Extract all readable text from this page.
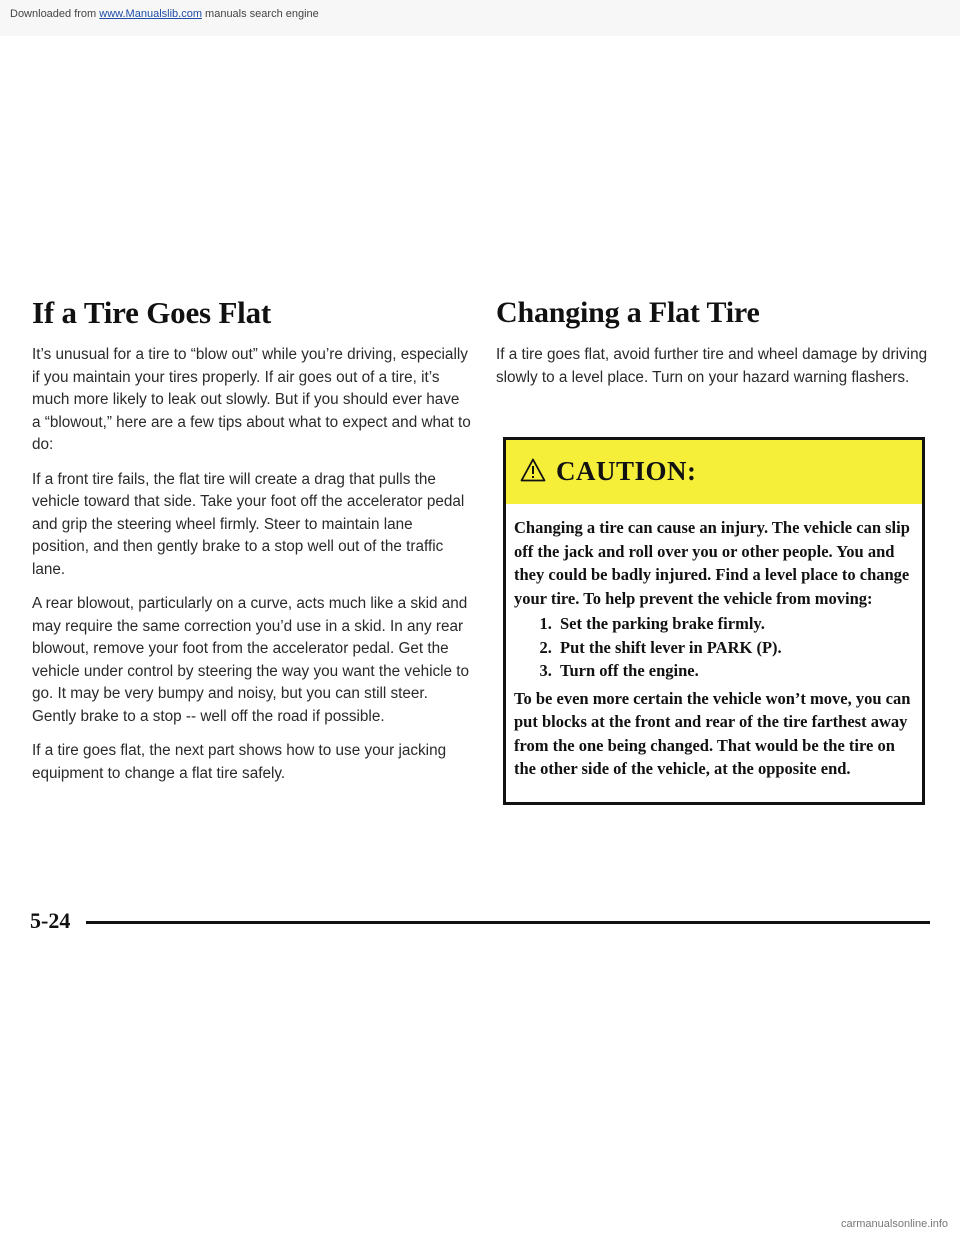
Downloaded from www.Manualslib.com manuals search engine
If a Tire Goes Flat

It’s unusual for a tire to “blow out” while you’re driving, especially if you maintain your tires properly. If air goes out of a tire, it’s much more likely to leak out slowly. But if you should ever have a “blowout,” here are a few tips about what to expect and what to do:

If a front tire fails, the flat tire will create a drag that pulls the vehicle toward that side. Take your foot off the accelerator pedal and grip the steering wheel firmly. Steer to maintain lane position, and then gently brake to a stop well out of the traffic lane.

A rear blowout, particularly on a curve, acts much like a skid and may require the same correction you’d use in a skid. In any rear blowout, remove your foot from the accelerator pedal. Get the vehicle under control by steering the way you want the vehicle to go. It may be very bumpy and noisy, but you can still steer. Gently brake to a stop -- well off the road if possible.

If a tire goes flat, the next part shows how to use your jacking equipment to change a flat tire safely.

Changing a Flat Tire

If a tire goes flat, avoid further tire and wheel damage by driving slowly to a level place. Turn on your hazard warning flashers.

CAUTION:

Changing a tire can cause an injury. The vehicle can slip off the jack and roll over you or other people. You and they could be badly injured. Find a level place to change your tire. To help prevent the vehicle from moving:

1. Set the parking brake firmly.
2. Put the shift lever in PARK (P).
3. Turn off the engine.

To be even more certain the vehicle won’t move, you can put blocks at the front and rear of the tire farthest away from the one being changed. That would be the tire on the other side of the vehicle, at the opposite end.

5-24
carmanualsonline.info
